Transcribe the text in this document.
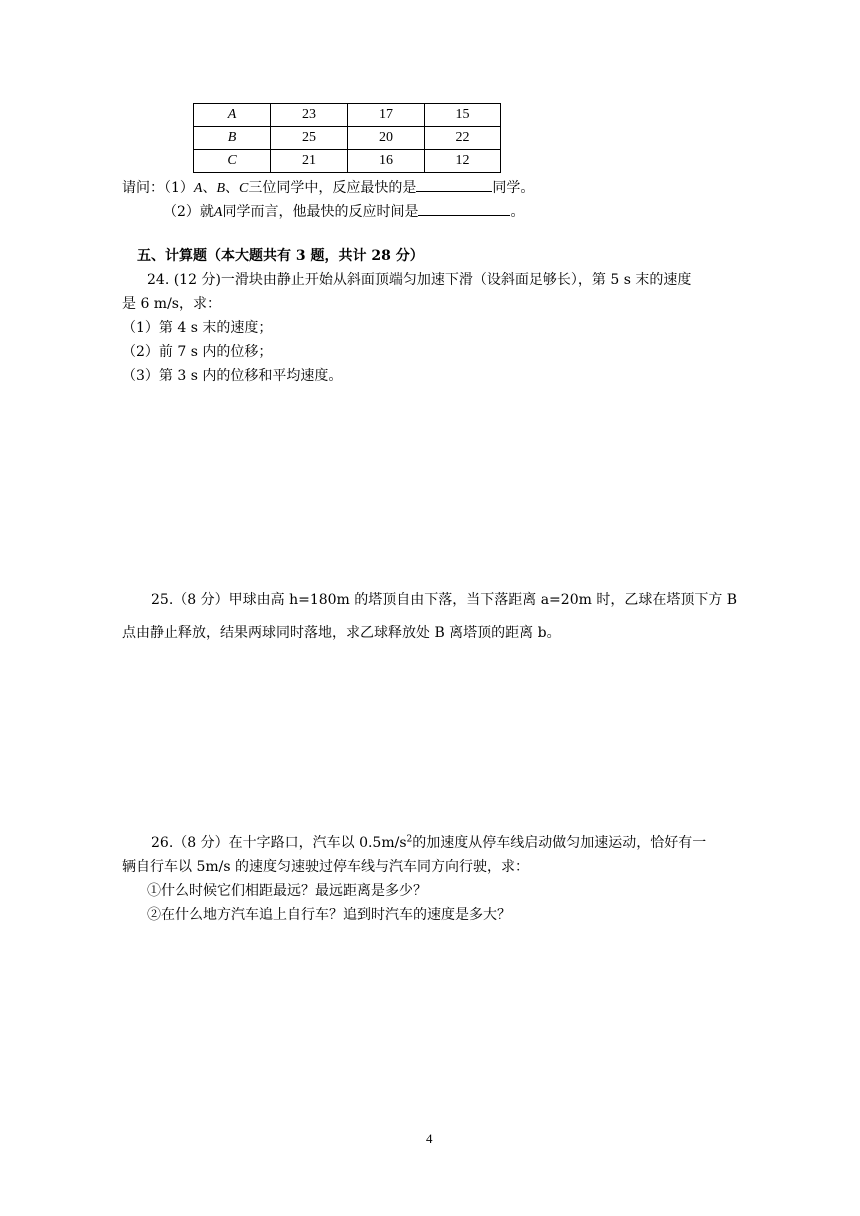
A	23	17	15
B	25	20	22
C	21	16	12
请问：（1）A、B、C三位同学中，反应最快的是	同学。
（2）就A同学而言，他最快的反应时间是	。
五、计算题（本大题共有 3 题，共计 28 分）
24. (12 分)一滑块由静止开始从斜面顶端匀加速下滑（设斜面足够长），第 5 s 末的速度
是 6 m/s，求：
（1）第 4 s 末的速度；
（2）前 7 s 内的位移；
（3）第 3 s 内的位移和平均速度。
25.（8 分）甲球由高 h=180m 的塔顶自由下落，当下落距离 a=20m 时，乙球在塔顶下方 B
点由静止释放，结果两球同时落地，求乙球释放处 B 离塔顶的距离 b。
26.（8 分）在十字路口，汽车以 $0.5m/s^2$的加速度从停车线启动做匀加速运动，恰好有一
辆自行车以 5m/s 的速度匀速驶过停车线与汽车同方向行驶，求：
①什么时候它们相距最远？最远距离是多少？
②在什么地方汽车追上自行车？追到时汽车的速度是多大？
4
